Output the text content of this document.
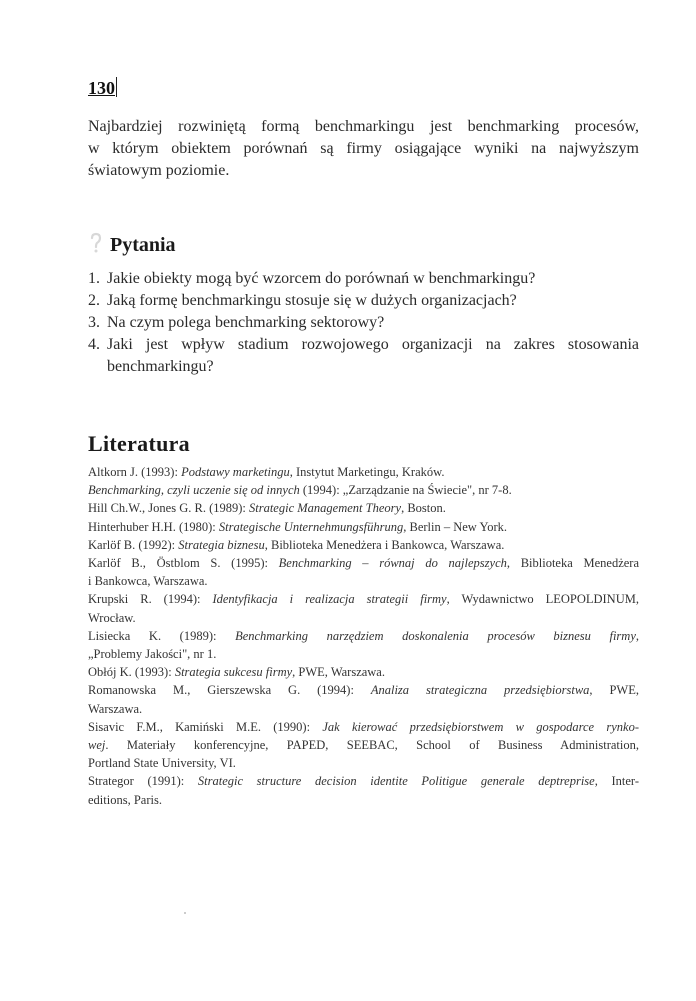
130
Najbardziej rozwiniętą formą benchmarkingu jest benchmarking procesów,
w którym obiektem porównań są firmy osiągające wyniki na najwyższym
światowym poziomie.
Pytania
1. Jakie obiekty mogą być wzorcem do porównań w benchmarkingu?
2. Jaką formę benchmarkingu stosuje się w dużych organizacjach?
3. Na czym polega benchmarking sektorowy?
4. Jaki jest wpływ stadium rozwojowego organizacji na zakres stosowania
benchmarkingu?
Literatura
Altkorn J. (1993): Podstawy marketingu, Instytut Marketingu, Kraków.
Benchmarking, czyli uczenie się od innych (1994): „Zarządzanie na Świecie", nr 7-8.
Hill Ch.W., Jones G. R. (1989): Strategic Management Theory, Boston.
Hinterhuber H.H. (1980): Strategische Unternehmungsführung, Berlin – New York.
Karlöf B. (1992): Strategia biznesu, Biblioteka Menedżera i Bankowca, Warszawa.
Karlöf B., Östblom S. (1995): Benchmarking – równaj do najlepszych, Biblioteka Menedżera
i Bankowca, Warszawa.
Krupski R. (1994): Identyfikacja i realizacja strategii firmy, Wydawnictwo LEOPOLDINUM,
Wrocław.
Lisiecka K. (1989): Benchmarking narzędziem doskonalenia procesów biznesu firmy,
„Problemy Jakości", nr 1.
Obłój K. (1993): Strategia sukcesu firmy, PWE, Warszawa.
Romanowska M., Gierszewska G. (1994): Analiza strategiczna przedsiębiorstwa, PWE,
Warszawa.
Sisavic F.M., Kamiński M.E. (1990): Jak kierować przedsiębiorstwem w gospodarce rynko-
wej. Materiały konferencyjne, PAPED, SEEBAC, School of Business Administration,
Portland State University, VI.
Strategor (1991): Strategic structure decision identite Politigue generale deptreprise, Inter-
editions, Paris.
